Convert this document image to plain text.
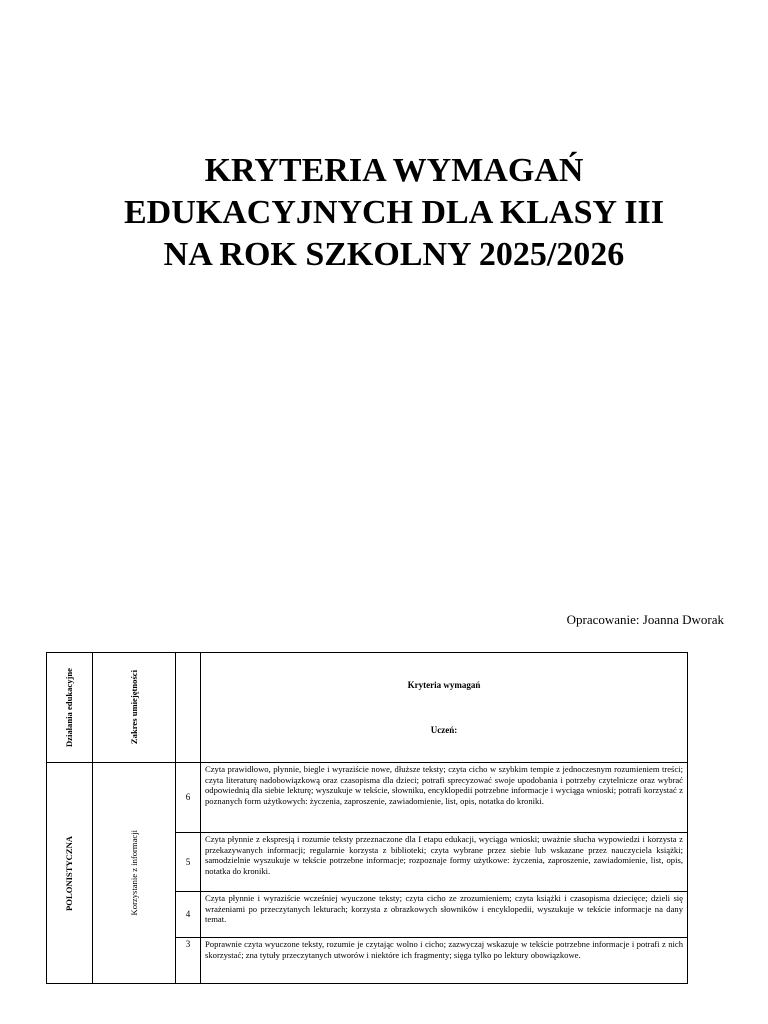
KRYTERIA WYMAGAŃ
EDUKACYJNYCH DLA KLASY III
NA ROK SZKOLNY 2025/2026
Opracowanie: Joanna Dworak
Działania edukacyjne	Zakres umiejętności		Kryteria wymagań
Uczeń:

POLONISTYCZNA	Korzystanie z informacji	6	Czyta prawidłowo, płynnie, biegle i wyraziście nowe, dłuższe teksty; czyta cicho w szybkim tempie z jednoczesnym rozumieniem treści; czyta literaturę nadobowiązkową oraz czasopisma dla dzieci; potrafi sprecyzować swoje upodobania i potrzeby czytelnicze oraz wybrać odpowiednią dla siebie lekturę; wyszukuje w tekście, słowniku, encyklopedii potrzebne informacje i wyciąga wnioski; potrafi korzystać z poznanych form użytkowych: życzenia, zaproszenie, zawiadomienie, list, opis, notatka do kroniki.
		5	Czyta płynnie z ekspresją i rozumie teksty przeznaczone dla I etapu edukacji, wyciąga wnioski; uważnie słucha wypowiedzi i korzysta z przekazywanych informacji; regularnie korzysta z biblioteki; czyta wybrane przez siebie lub wskazane przez nauczyciela książki; samodzielnie wyszukuje w tekście potrzebne informacje; rozpoznaje formy użytkowe: życzenia, zaproszenie, zawiadomienie, list, opis, notatka do kroniki.
		4	Czyta płynnie i wyraziście wcześniej wyuczone teksty; czyta cicho ze zrozumieniem; czyta książki i czasopisma dziecięce; dzieli się wrażeniami po przeczytanych lekturach; korzysta z obrazkowych słowników i encyklopedii, wyszukuje w tekście informacje na dany temat.
		3	Poprawnie czyta wyuczone teksty, rozumie je czytając wolno i cicho; zazwyczaj wskazuje w tekście potrzebne informacje i potrafi z nich skorzystać; zna tytuły przeczytanych utworów i niektóre ich fragmenty; sięga tylko po lektury obowiązkowe.
